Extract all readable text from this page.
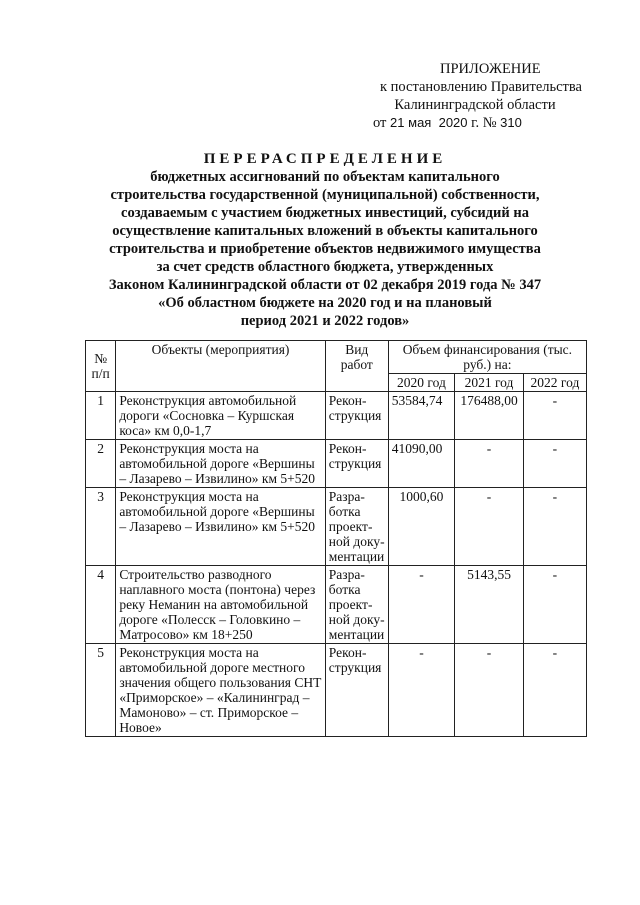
ПРИЛОЖЕНИЕ
к постановлению Правительства
Калининградской области
от 21 мая 2020 г. № 310
ПЕРЕРАСПРЕДЕЛЕНИЕ
бюджетных ассигнований по объектам капитального
строительства государственной (муниципальной) собственности,
создаваемым с участием бюджетных инвестиций, субсидий на
осуществление капитальных вложений в объекты капитального
строительства и приобретение объектов недвижимого имущества
за счет средств областного бюджета, утвержденных
Законом Калининградской области от 02 декабря 2019 года № 347
«Об областном бюджете на 2020 год и на плановый
период 2021 и 2022 годов»
№ п/п	Объекты (мероприятия)	Вид работ	Объем финансирования (тыс. руб.) на:		
			2020 год	2021 год	2022 год
1	Реконструкция автомобильной дороги «Сосновка – Куршская коса» км 0,0-1,7	Рекон-струкция	53584,74	176488,00	-
2	Реконструкция моста на автомобильной дороге «Вершины – Лазарево – Извилино» км 5+520	Рекон-струкция	41090,00	-	-
3	Реконструкция моста на автомобильной дороге «Вершины – Лазарево – Извилино» км 5+520	Разра-ботка проект-ной доку-ментации	1000,60	-	-
4	Строительство разводного наплавного моста (понтона) через реку Неманин на автомобильной дороге «Полесск – Головкино – Матросово» км 18+250	Разра-ботка проект-ной доку-ментации	-	5143,55	-
5	Реконструкция моста на автомобильной дороге местного значения общего пользования СНТ «Приморское» – «Калининград – Мамоново» – ст. Приморское – Новое»	Рекон-струкция	-	-	-
